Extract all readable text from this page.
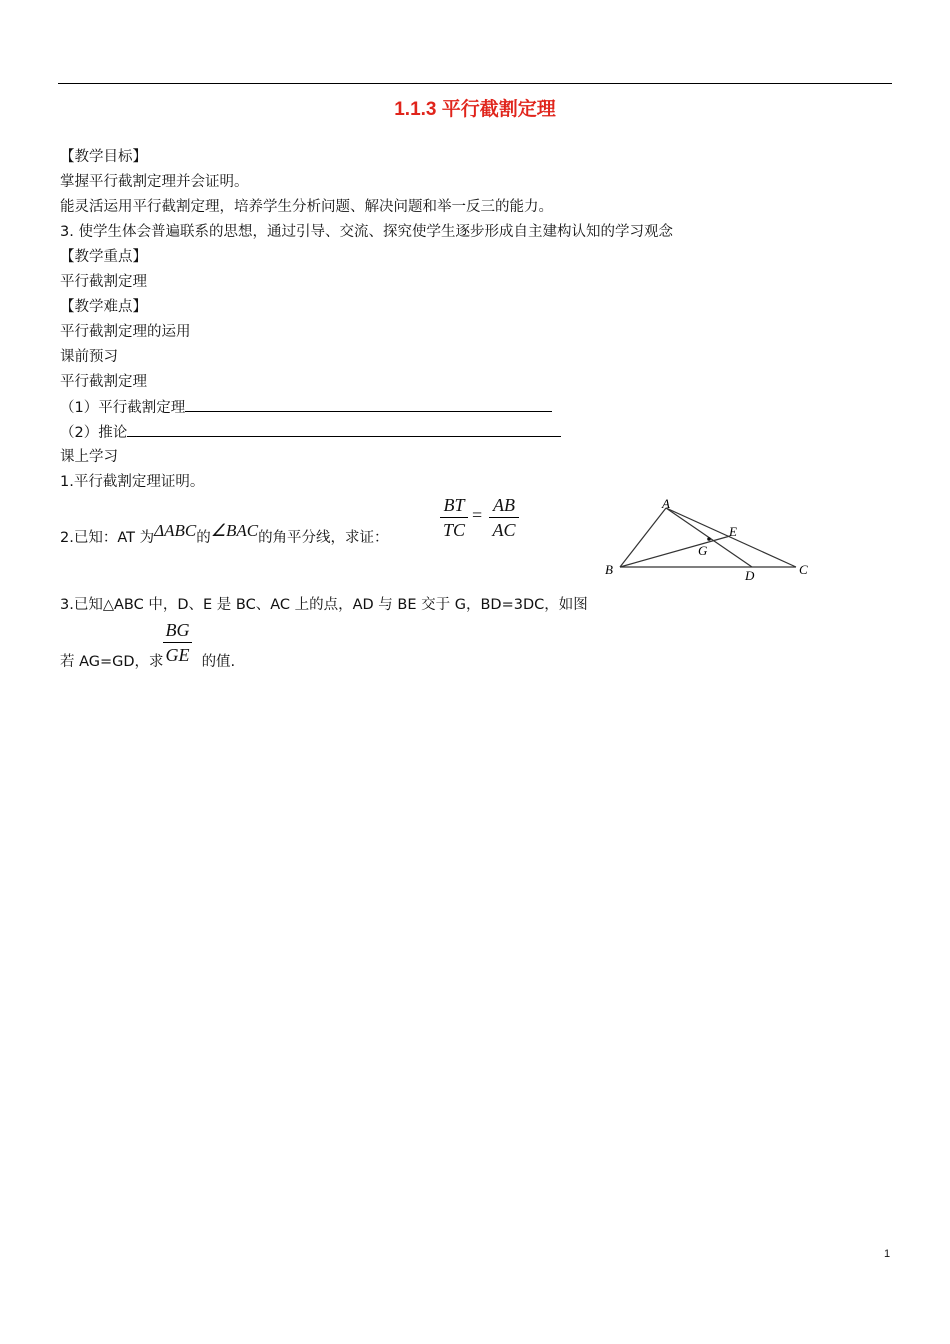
1.1.3 平行截割定理
【教学目标】
掌握平行截割定理并会证明。
能灵活运用平行截割定理，培养学生分析问题、解决问题和举一反三的能力。
3. 使学生体会普遍联系的思想，通过引导、交流、探究使学生逐步形成自主建构认知的学习观念
【教学重点】
平行截割定理
【教学难点】
平行截割定理的运用
课前预习
平行截割定理
（1）平行截割定理
（2）推论
课上学习
1.平行截割定理证明。
2.已知：AT 为ΔABC的∠BAC的角平分线，求证：
BT
TC
= AB
AC
A
B	C
D
E
G
3.已知△ABC 中，D、E 是 BC、AC 上的点，AD 与 BE 交于 G，BD=3DC，如图
BG
GE
若 AG=GD，求	的值.
1
